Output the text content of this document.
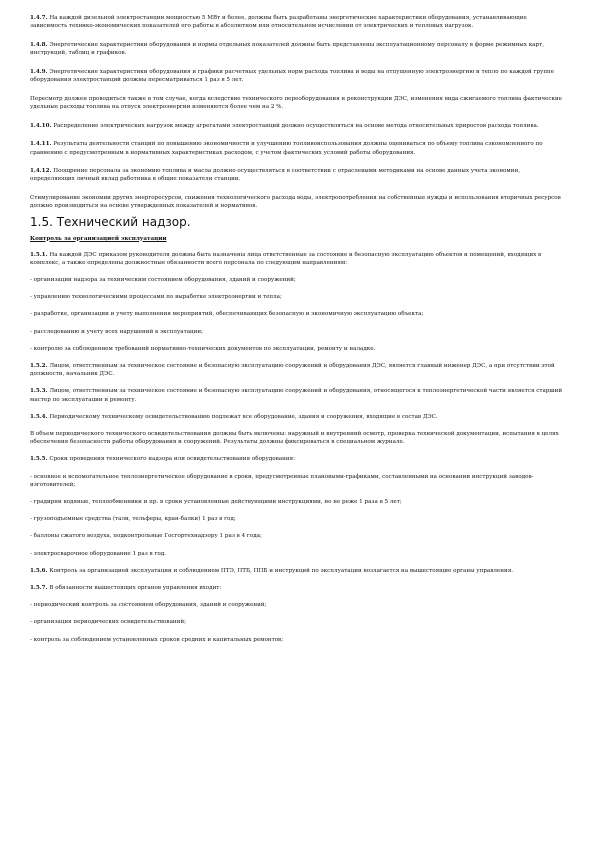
1.4.7. На каждой дизельной электростанции мощностью 5 МВт и более, должны быть разработаны энергетические характеристики оборудования, устанавливающие зависимость технико-экономических показателей его работы в абсолютном или относительном исчислении от электрических и тепловых нагрузок.

1.4.8. Энергетические характеристики оборудования и нормы отдельных показателей должны быть представлены эксплуатационному персоналу в форме режимных карт, инструкций, таблиц и графиков.

1.4.9. Энергетические характеристики оборудования и графики расчетных удельных норм расхода топлива и воды на отпущенную электроэнергию и тепло по каждой группе оборудования электростанций должны пересматриваться 1 раз в 5 лет.

Пересмотр должен проводиться также в том случае, когда вследствие технического переоборудования и реконструкции ДЭС, изменения вида сжигаемого топлива фактические удельные расходы топлива на отпуск электроэнергии изменяются более чем на 2 %.

1.4.10. Распределение электрических нагрузок между агрегатами электростанций должно осуществляться на основе метода относительных приростов расхода топлива.

1.4.11. Результаты деятельности станций по повышению экономичности и улучшению топливоиспользования должны оцениваться по объему топлива сэкономленного по сравнению с предусмотренным в нормативных характеристиках расходом, с учетом фактических условий работы оборудования.

1.4.12. Поощрение персонала за экономию топлива и масла должно осуществляться в соответствии с отраслевыми методиками на основе данных учета экономии, определяющих личный вклад работника в общие показатели станции.

Стимулирование экономии других энергоресурсов, снижения технологического расхода воды, электропотребления на собственные нужды и использования вторичных ресурсов должно производиться на основе утвержденных показателей и нормативов.

1.5. Технический надзор.

Контроль за организацией эксплуатации

1.5.1. На каждой ДЭС приказом руководителя должны быть назначены лица ответственные за состояние и безопасную эксплуатацию объектов и помещений, входящих в комплекс, а также определены должностные обязанности всего персонала по следующим направлениям:

- организации надзора за техническим состоянием оборудования, зданий и сооружений;

- управлению технологическими процессами по выработке электроэнергии и тепла;

- разработке, организации и учету выполнения мероприятий, обеспечивающих безопасную и экономичную эксплуатацию объекта;

- расследованию и учету всех нарушений в эксплуатации;

- контролю за соблюдением требований нормативно-технических документов по эксплуатации, ремонту и наладке.

1.5.2. Лицом, ответственным за техническое состояние и безопасную эксплуатацию сооружений и оборудования ДЭС, является главный инженер ДЭС, а при отсутствии этой должности, начальник ДЭС.

1.5.3. Лицом, ответственным за техническое состояние и безопасную эксплуатацию сооружений и оборудования, относящегося к теплоэнергетической части является старший мастер по эксплуатации и ремонту.

1.5.4. Периодическому техническому освидетельствованию подлежат все оборудование, здания и сооружения, входящие в состав ДЭС.

В объем периодического технического освидетельствования должны быть включены: наружный и внутренний осмотр, проверка технической документации, испытания в целях обеспечения безопасности работы оборудования и сооружений. Результаты должны фиксироваться в специальном журнале.

1.5.5. Сроки проведения технического надзора или освидетельствования оборудования:

- основное и вспомогательное теплоэнергетическое оборудование в сроки, предусмотренные плановыми-графиками, составленными на основании инструкций заводов-изготовителей;

- градирни водяные, теплообменники и пр. в сроки установленные действующими инструкциями, но не реже 1 раза в 5 лет;

- грузоподъемные средства (тали, тельферы, кран-балки) 1 раз в год;

- баллоны сжатого воздуха, подконтрольные Госгортехнадзору 1 раз в 4 года;

- электросварочное оборудование 1 раз в год.

1.5.6. Контроль за организацией эксплуатации и соблюдением ПТЭ, ПТБ, ППБ и инструкций по эксплуатации возлагается на вышестоящие органы управления.

1.5.7. В обязанности вышестоящих органов управления входит:

- периодический контроль за состоянием оборудования, зданий и сооружений;

- организация периодических освидетельствований;

- контроль за соблюдением установленных сроков средних и капитальных ремонтов;
